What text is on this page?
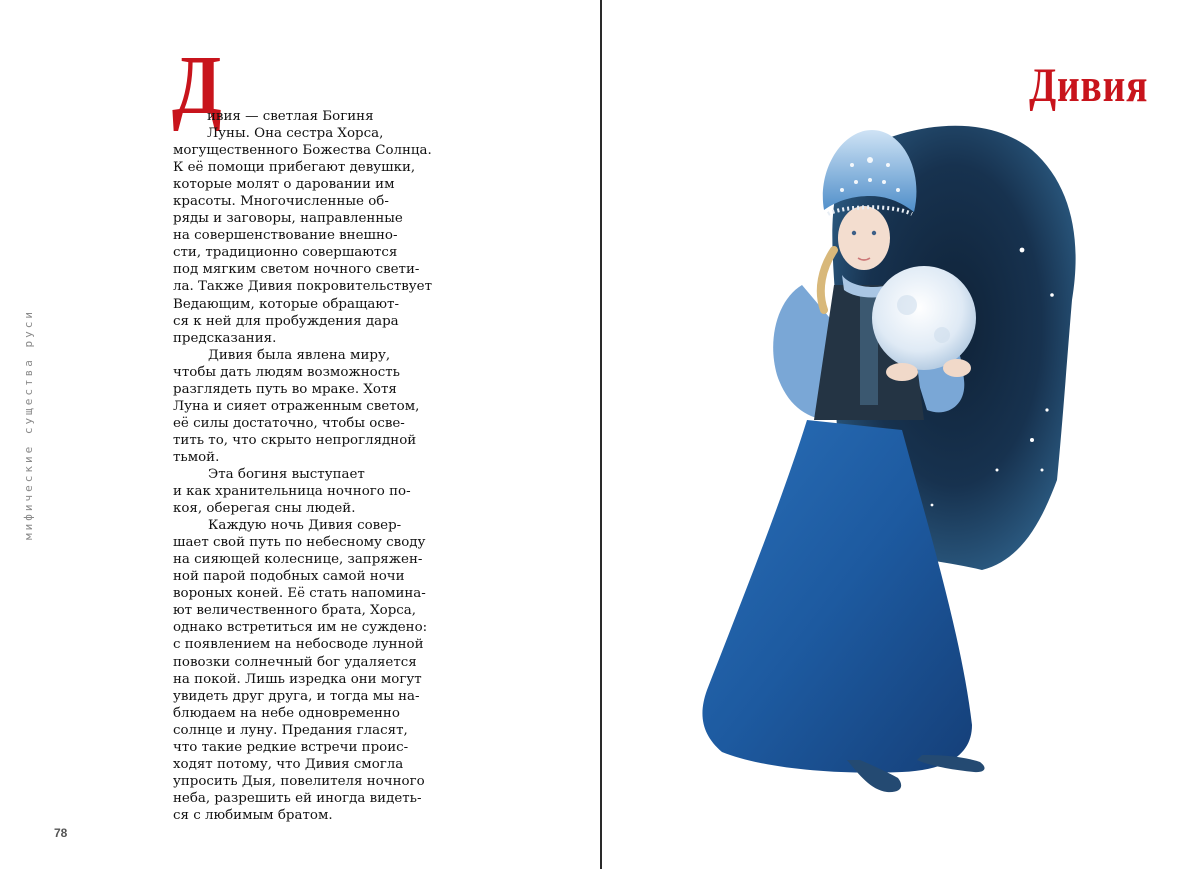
мифические существа руси
Д
ивия — светлая Богиня
Луны. Она сестра Хорса,
могущественного Божества Солнца.
К её помощи прибегают девушки,
которые молят о даровании им
красоты. Многочисленные об-
ряды и заговоры, направленные
на совершенствование внешно-
сти, традиционно совершаются
под мягким светом ночного свети-
ла. Также Дивия покровительствует
Ведающим, которые обращают-
ся к ней для пробуждения дара
предсказания.
Дивия была явлена миру,
чтобы дать людям возможность
разглядеть путь во мраке. Хотя
Луна и сияет отраженным светом,
её силы достаточно, чтобы осве-
тить то, что скрыто непроглядной
тьмой.
Эта богиня выступает
и как хранительница ночного по-
коя, оберегая сны людей.
Каждую ночь Дивия совер-
шает свой путь по небесному своду
на сияющей колеснице, запряжен-
ной парой подобных самой ночи
вороных коней. Её стать напомина-
ют величественного брата, Хорса,
однако встретиться им не суждено:
с появлением на небосводе лунной
повозки солнечный бог удаляется
на покой. Лишь изредка они могут
увидеть друг друга, и тогда мы на-
блюдаем на небе одновременно
солнце и луну. Предания гласят,
что такие редкие встречи проис-
ходят потому, что Дивия смогла
упросить Дыя, повелителя ночного
неба, разрешить ей иногда видеть-
ся с любимым братом.
78
Дивия
